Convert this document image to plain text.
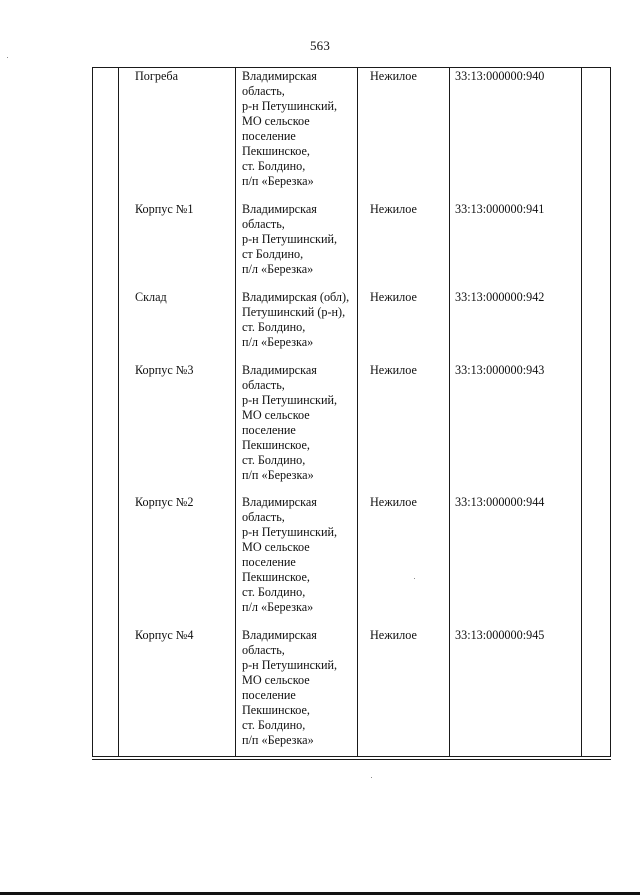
563
Погреба	Владимирская
область,
р-н Петушинский,
МО сельское
поселение
Пекшинское,
ст. Болдино,
п/п «Березка»
Нежилое	33:13:000000:940
Корпус №1	Владимирская
область,
р-н Петушинский,
ст Болдино,
п/л «Березка»
Нежилое	33:13:000000:941
Склад	Владимирская (обл),
Петушинский (р-н),
ст. Болдино,
п/л «Березка»
Нежилое	33:13:000000:942
Корпус №3	Владимирская
область,
р-н Петушинский,
МО сельское
поселение
Пекшинское,
ст. Болдино,
п/п «Березка»
Нежилое	33:13:000000:943
Корпус №2	Владимирская
область,
р-н Петушинский,
МО сельское
поселение
Пекшинское,
ст. Болдино,
п/л «Березка»
Нежилое	33:13:000000:944
Корпус №4	Владимирская
область,
р-н Петушинский,
МО сельское
поселение
Пекшинское,
ст. Болдино,
п/п «Березка»
Нежилое	33:13:000000:945
